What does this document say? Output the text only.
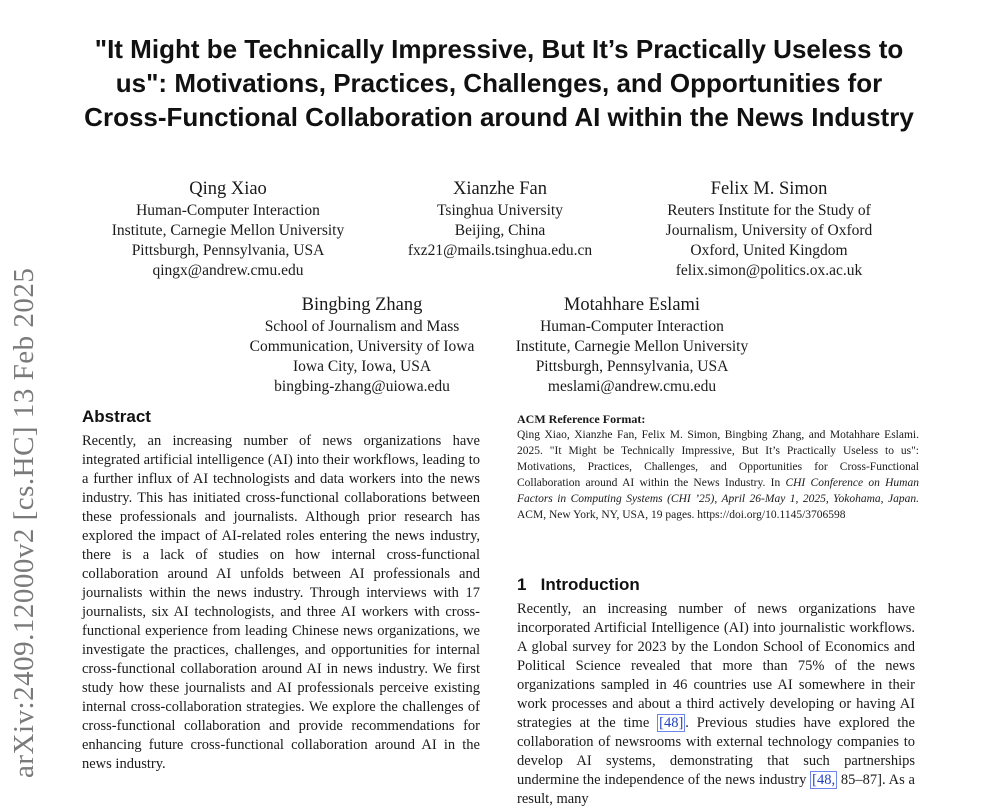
arXiv:2409.12000v2 [cs.HC] 13 Feb 2025
"It Might be Technically Impressive, But It’s Practically Useless to us": Motivations, Practices, Challenges, and Opportunities for Cross-Functional Collaboration around AI within the News Industry
Qing Xiao
Human-Computer Interaction
Institute, Carnegie Mellon University
Pittsburgh, Pennsylvania, USA
qingx@andrew.cmu.edu
Xianzhe Fan
Tsinghua University
Beijing, China
fxz21@mails.tsinghua.edu.cn
Felix M. Simon
Reuters Institute for the Study of
Journalism, University of Oxford
Oxford, United Kingdom
felix.simon@politics.ox.ac.uk
Bingbing Zhang
School of Journalism and Mass
Communication, University of Iowa
Iowa City, Iowa, USA
bingbing-zhang@uiowa.edu
Motahhare Eslami
Human-Computer Interaction
Institute, Carnegie Mellon University
Pittsburgh, Pennsylvania, USA
meslami@andrew.cmu.edu
Abstract
Recently, an increasing number of news organizations have integrated artificial intelligence (AI) into their workflows, leading to a further influx of AI technologists and data workers into the news industry. This has initiated cross-functional collaborations between these professionals and journalists. Although prior research has explored the impact of AI-related roles entering the news industry, there is a lack of studies on how internal cross-functional collaboration around AI unfolds between AI professionals and journalists within the news industry. Through interviews with 17 journalists, six AI technologists, and three AI workers with cross-functional experience from leading Chinese news organizations, we investigate the practices, challenges, and opportunities for internal cross-functional collaboration around AI in news industry. We first study how these journalists and AI professionals perceive existing internal cross-collaboration strategies. We explore the challenges of cross-functional collaboration and provide recommendations for enhancing future cross-functional collaboration around AI in the news industry.
ACM Reference Format:
Qing Xiao, Xianzhe Fan, Felix M. Simon, Bingbing Zhang, and Motahhare Eslami. 2025. "It Might be Technically Impressive, But It’s Practically Useless to us": Motivations, Practices, Challenges, and Opportunities for Cross-Functional Collaboration around AI within the News Industry. In CHI Conference on Human Factors in Computing Systems (CHI ’25), April 26-May 1, 2025, Yokohama, Japan. ACM, New York, NY, USA, 19 pages. https://doi.org/10.1145/3706598
1 Introduction
Recently, an increasing number of news organizations have incorporated Artificial Intelligence (AI) into journalistic workflows. A global survey for 2023 by the London School of Economics and Political Science revealed that more than 75% of the news organizations sampled in 46 countries use AI somewhere in their work processes and about a third actively developing or having AI strategies at the time [48] . Previous studies have explored the collaboration of newsrooms with external technology companies to develop AI systems, demonstrating that such partnerships undermine the independence of the news industry [48, 85–87]. As a result, many
